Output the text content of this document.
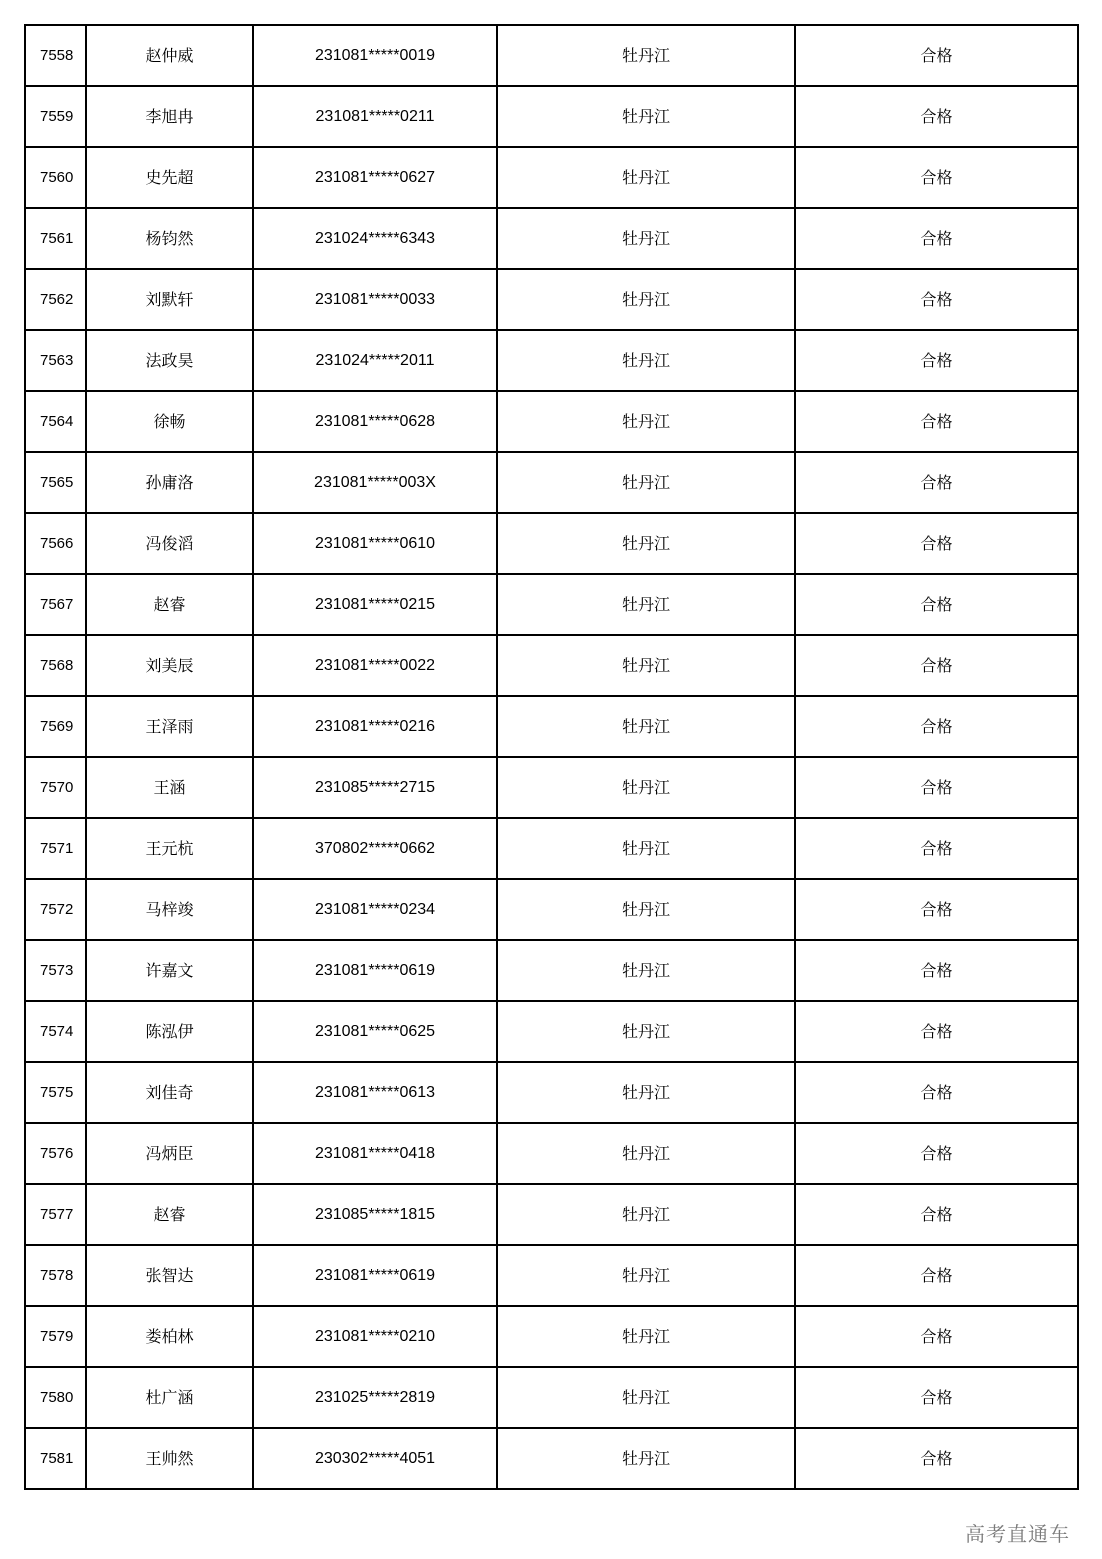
7558	赵仲威	231081*****0019	牡丹江	合格
7559	李旭冉	231081*****0211	牡丹江	合格
7560	史先超	231081*****0627	牡丹江	合格
7561	杨钧然	231024*****6343	牡丹江	合格
7562	刘默轩	231081*****0033	牡丹江	合格
7563	法政昊	231024*****2011	牡丹江	合格
7564	徐畅	231081*****0628	牡丹江	合格
7565	孙庸洛	231081*****003X	牡丹江	合格
7566	冯俊滔	231081*****0610	牡丹江	合格
7567	赵睿	231081*****0215	牡丹江	合格
7568	刘美辰	231081*****0022	牡丹江	合格
7569	王泽雨	231081*****0216	牡丹江	合格
7570	王涵	231085*****2715	牡丹江	合格
7571	王元杭	370802*****0662	牡丹江	合格
7572	马梓竣	231081*****0234	牡丹江	合格
7573	许嘉文	231081*****0619	牡丹江	合格
7574	陈泓伊	231081*****0625	牡丹江	合格
7575	刘佳奇	231081*****0613	牡丹江	合格
7576	冯炳臣	231081*****0418	牡丹江	合格
7577	赵睿	231085*****1815	牡丹江	合格
7578	张智达	231081*****0619	牡丹江	合格
7579	娄柏林	231081*****0210	牡丹江	合格
7580	杜广涵	231025*****2819	牡丹江	合格
7581	王帅然	230302*****4051	牡丹江	合格
高考直通车
